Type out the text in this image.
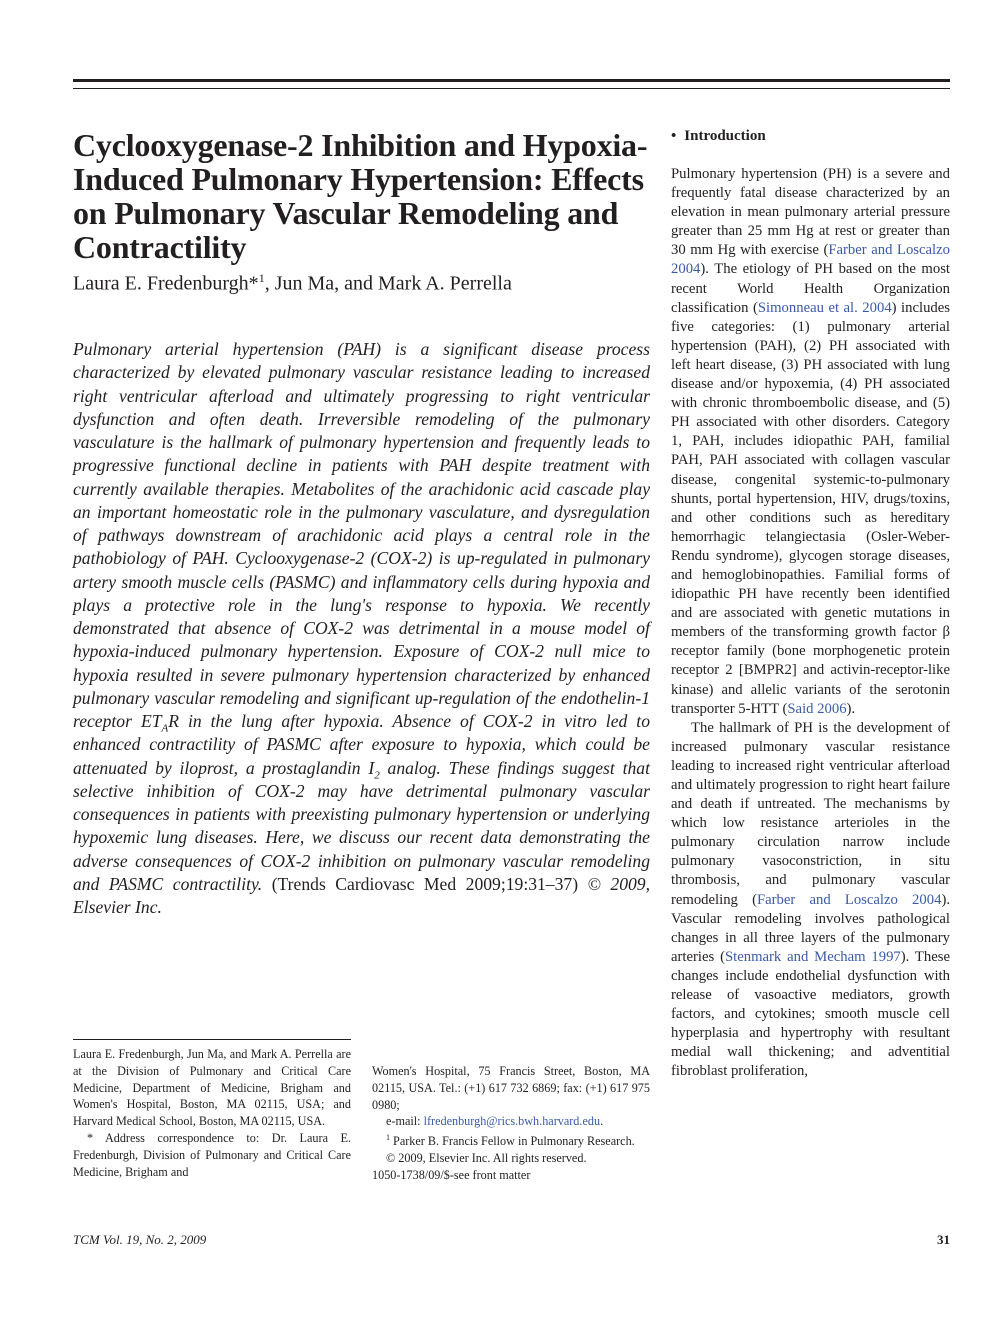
Cyclooxygenase-2 Inhibition and Hypoxia-Induced Pulmonary Hypertension: Effects on Pulmonary Vascular Remodeling and Contractility
Laura E. Fredenburgh*$^1$, Jun Ma, and Mark A. Perrella

Pulmonary arterial hypertension (PAH) is a significant disease process characterized by elevated pulmonary vascular resistance leading to increased right ventricular afterload and ultimately progressing to right ventricular dysfunction and often death. Irreversible remodeling of the pulmonary vasculature is the hallmark of pulmonary hypertension and frequently leads to progressive functional decline in patients with PAH despite treatment with currently available therapies. Metabolites of the arachidonic acid cascade play an important homeostatic role in the pulmonary vasculature, and dysregulation of pathways downstream of arachidonic acid plays a central role in the pathobiology of PAH. Cyclooxygenase-2 (COX-2) is up-regulated in pulmonary artery smooth muscle cells (PASMC) and inflammatory cells during hypoxia and plays a protective role in the lung's response to hypoxia. We recently demonstrated that absence of COX-2 was detrimental in a mouse model of hypoxia-induced pulmonary hypertension. Exposure of COX-2 null mice to hypoxia resulted in severe pulmonary hypertension characterized by enhanced pulmonary vascular remodeling and significant up-regulation of the endothelin-1 receptor $ET_AR$ in the lung after hypoxia. Absence of COX-2 in vitro led to enhanced contractility of PASMC after exposure to hypoxia, which could be attenuated by iloprost, a prostaglandin $I_2$ analog. These findings suggest that selective inhibition of COX-2 may have detrimental pulmonary vascular consequences in patients with preexisting pulmonary hypertension or underlying hypoxemic lung diseases. Here, we discuss our recent data demonstrating the adverse consequences of COX-2 inhibition on pulmonary vascular remodeling and PASMC contractility. (Trends Cardiovasc Med 2009;19:31–37) © 2009, Elsevier Inc.

Laura E. Fredenburgh, Jun Ma, and Mark A. Perrella are at the Division of Pulmonary and Critical Care Medicine, Department of Medicine, Brigham and Women's Hospital, Boston, MA 02115, USA; and Harvard Medical School, Boston, MA 02115, USA.

* Address correspondence to: Dr. Laura E. Fredenburgh, Division of Pulmonary and Critical Care Medicine, Brigham and

Women's Hospital, 75 Francis Street, Boston, MA 02115, USA. Tel.: (+1) 617 732 6869; fax: (+1) 617 975 0980;

e-mail: lfredenburgh@rics.bwh.harvard.edu.

$^1$ Parker B. Francis Fellow in Pulmonary Research.

© 2009, Elsevier Inc. All rights reserved.

1050-1738/09/$-see front matter

• Introduction

Pulmonary hypertension (PH) is a severe and frequently fatal disease characterized by an elevation in mean pulmonary arterial pressure greater than 25 mm Hg at rest or greater than 30 mm Hg with exercise (Farber and Loscalzo 2004). The etiology of PH based on the most recent World Health Organization classification (Simonneau et al. 2004) includes five categories: (1) pulmonary arterial hypertension (PAH), (2) PH associated with left heart disease, (3) PH associated with lung disease and/or hypoxemia, (4) PH associated with chronic thromboembolic disease, and (5) PH associated with other disorders. Category 1, PAH, includes idiopathic PAH, familial PAH, PAH associated with collagen vascular disease, congenital systemic-to-pulmonary shunts, portal hypertension, HIV, drugs/toxins, and other conditions such as hereditary hemorrhagic telangiectasia (Osler-Weber-Rendu syndrome), glycogen storage diseases, and hemoglobinopathies. Familial forms of idiopathic PH have recently been identified and are associated with genetic mutations in members of the transforming growth factor β receptor family (bone morphogenetic protein receptor 2 [BMPR2] and activin-receptor-like kinase) and allelic variants of the serotonin transporter 5-HTT (Said 2006).

The hallmark of PH is the development of increased pulmonary vascular resistance leading to increased right ventricular afterload and ultimately progression to right heart failure and death if untreated. The mechanisms by which low resistance arterioles in the pulmonary circulation narrow include pulmonary vasoconstriction, in situ thrombosis, and pulmonary vascular remodeling (Farber and Loscalzo 2004). Vascular remodeling involves pathological changes in all three layers of the pulmonary arteries (Stenmark and Mecham 1997). These changes include endothelial dysfunction with release of vasoactive mediators, growth factors, and cytokines; smooth muscle cell hyperplasia and hypertrophy with resultant medial wall thickening; and adventitial fibroblast proliferation,

TCM Vol. 19, No. 2, 2009	31
